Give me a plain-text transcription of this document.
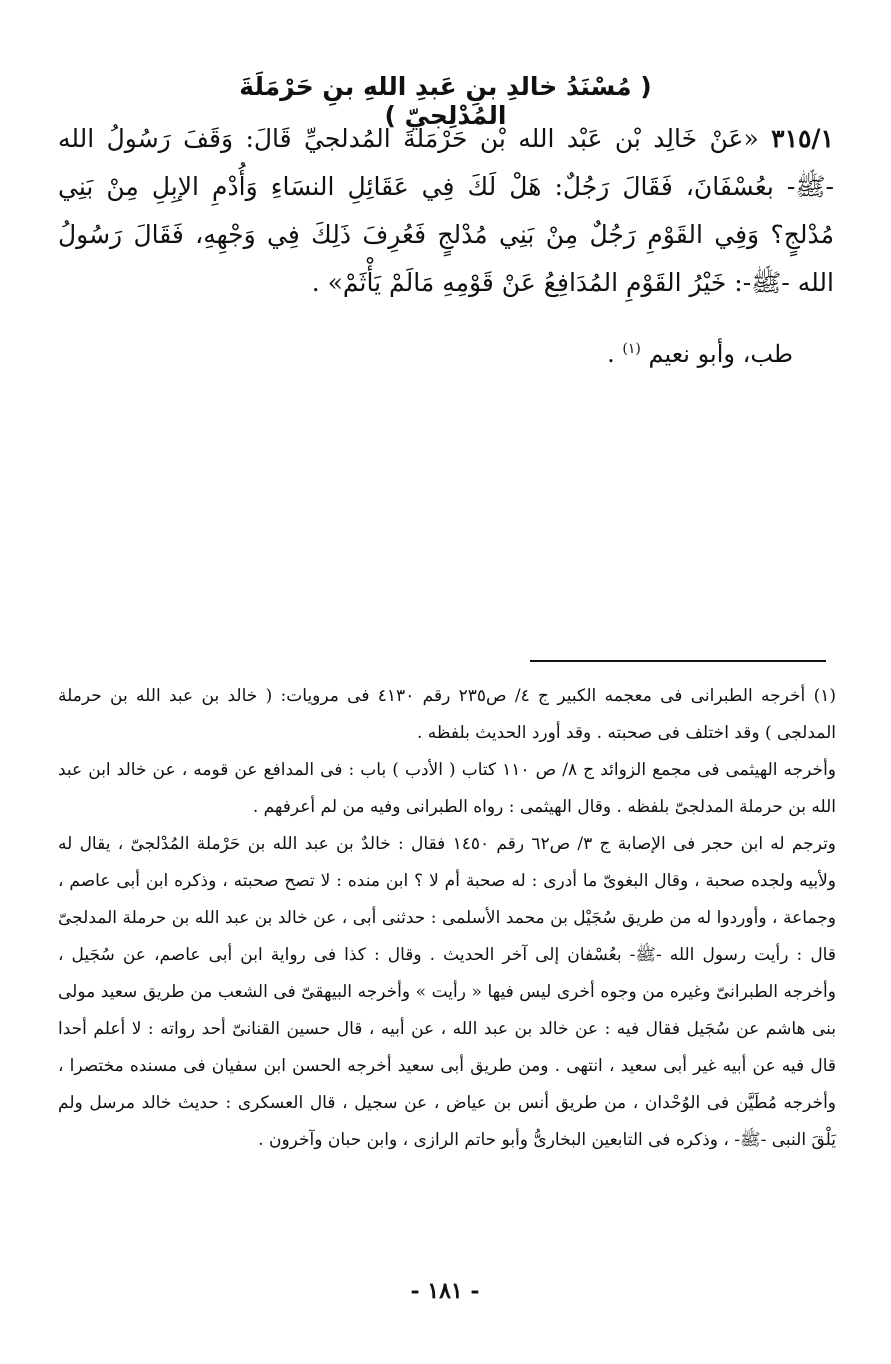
( مُسْنَدُ خالدِ بنِ عَبدِ اللهِ بنِ حَرْمَلَةَ المُدْلِجيّ )
٣١٥/١ «عَنْ خَالِد بْن عَبْد الله بْن حَرْمَلَةَ المُدلجيِّ قَالَ: وَقَفَ رَسُولُ الله -ﷺ- بعُسْفَانَ، فَقَالَ رَجُلٌ: هَلْ لَكَ فِي عَقَائِلِ النسَاءِ وَأُدْمِ الإبِلِ مِنْ بَنِي مُدْلجٍ؟ وَفِي القَوْمِ رَجُلٌ مِنْ بَنِي مُدْلجٍ فَعُرِفَ ذَلِكَ فِي وَجْهِهِ، فَقَالَ رَسُولُ الله -ﷺ-: خَيْرُ القَوْمِ المُدَافِعُ عَنْ قَوْمِهِ مَالَمْ يَأْثَمْ» .
طب، وأبو نعيم $^{(١)}$ .

(١) أخرجه الطبرانى فى معجمه الكبير ج ٤/ ص٢٣٥ رقم ٤١٣٠ فى مرويات: ( خالد بن عبد الله بن حرملة المدلجى ) وقد اختلف فى صحبته . وقد أورد الحديث بلفظه .

وأخرجه الهيثمى فى مجمع الزوائد ج ٨/ ص ١١٠ كتاب ( الأدب ) باب : فى المدافع عن قومه ، عن خالد ابن عبد الله بن حرملة المدلجىّ بلفظه . وقال الهيثمى : رواه الطبرانى وفيه من لم أعرفهم .

وترجم له ابن حجر فى الإصابة ج ٣/ ص٦٢ رقم ١٤٥٠ فقال : خالدٌ بن عبد الله بن حَرْملة المُدْلجىّ ، يقال له ولأبيه ولجده صحبة ، وقال البغوىّ ما أدرى : له صحبة أم لا ؟ ابن منده : لا تصح صحبته ، وذكره ابن أبى عاصم ، وجماعة ، وأوردوا له من طريق سُجَيْل بن محمد الأسلمى : حدثنى أبى ، عن خالد بن عبد الله بن حرملة المدلجىّ قال : رأيت رسول الله -ﷺ- بعُسْفان إلى آخر الحديث . وقال : كذا فى رواية ابن أبى عاصم، عن سُجَيل ، وأخرجه الطبرانىّ وغيره من وجوه أخرى ليس فيها « رأيت » وأخرجه البيهقىّ فى الشعب من طريق سعيد مولى بنى هاشم عن سُجَيل فقال فيه : عن خالد بن عبد الله ، عن أبيه ، قال حسين القنانىّ أحد رواته : لا أعلم أحدا قال فيه عن أبيه غير أبى سعيد ، انتهى . ومن طريق أبى سعيد أخرجه الحسن ابن سفيان فى مسنده مختصرا ، وأخرجه مُطَيَّن فى الوُحْدان ، من طريق أنس بن عياض ، عن سجيل ، قال العسكرى : حديث خالد مرسل ولم يَلْقَ النبى -ﷺ- ، وذكره فى التابعين البخارىُّ وأبو حاتم الرازى ، وابن حبان وآخرون .

- ١٨١ -
